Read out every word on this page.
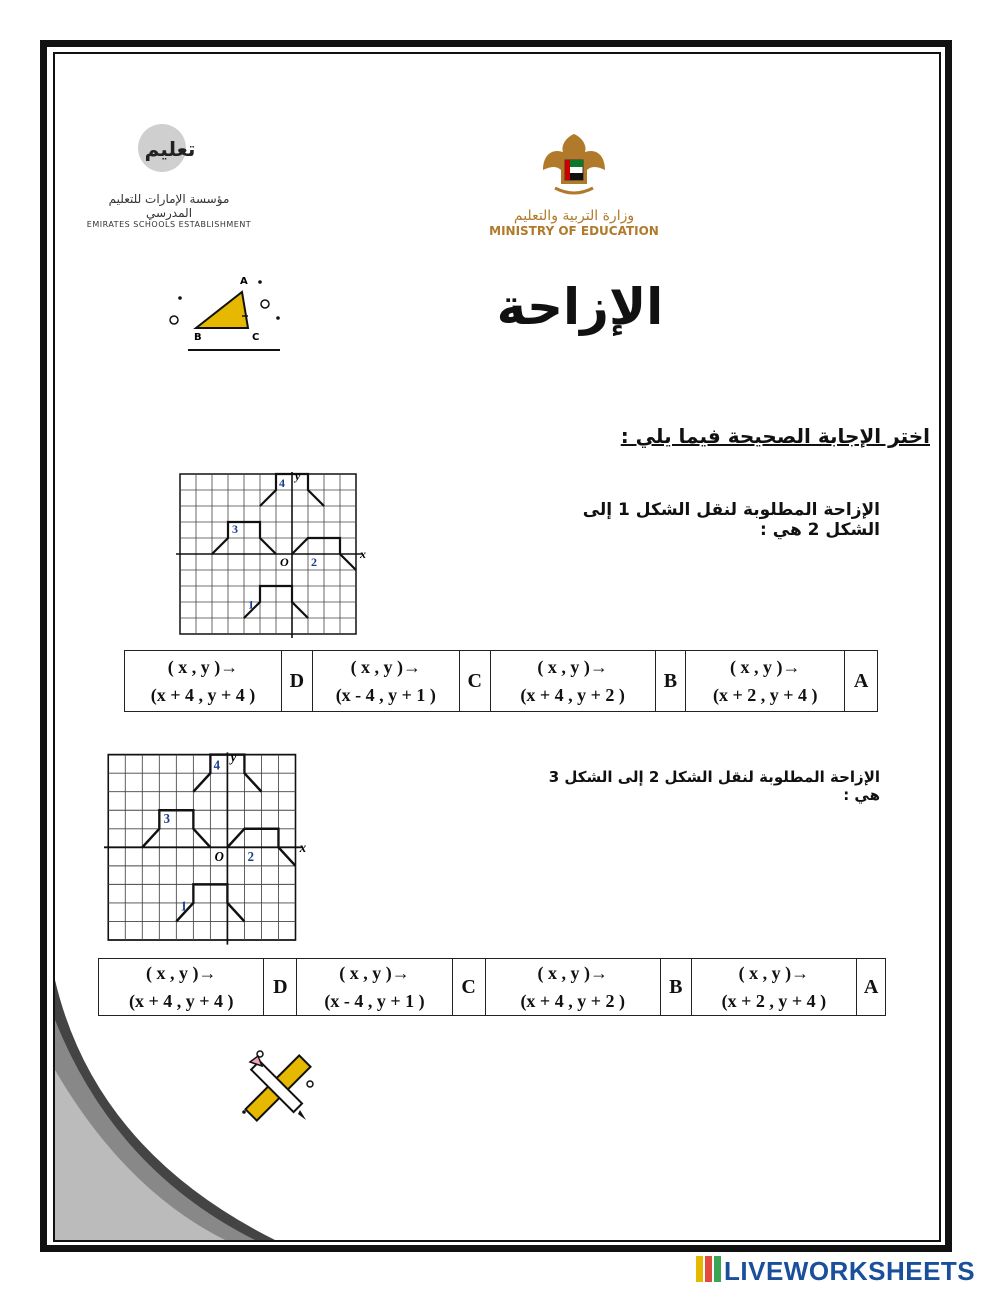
تعليم
مؤسسة الإمارات للتعليم المدرسي
EMIRATES SCHOOLS ESTABLISHMENT
وزارة التربية والتعليم
MINISTRY OF EDUCATION
A
B	C
الإزاحة
اختر الإجابة الصحيحة فيما يلي :
x
y
O
1
2
3
4
الإزاحة المطلوبة لنقل الشكل 1 إلى الشكل 2 هي :
( x , y )→
(x + 4 , y + 4 )
	D	
( x , y )→
(x - 4 , y + 1 )
	C	
( x , y )→
(x + 4 , y + 2 )
	B	
( x , y )→
(x + 2 , y + 4 )
	A
x
y
O
1
2
3
4
الإزاحة المطلوبة لنقل الشكل 2 إلى الشكل 3 هي :
( x , y )→
(x + 4 , y + 4 )
	D	
( x , y )→
(x - 4 , y + 1 )
	C	
( x , y )→
(x + 4 , y + 2 )
	B	
( x , y )→
(x + 2 , y + 4 )
	A
LIVEWORKSHEETS
